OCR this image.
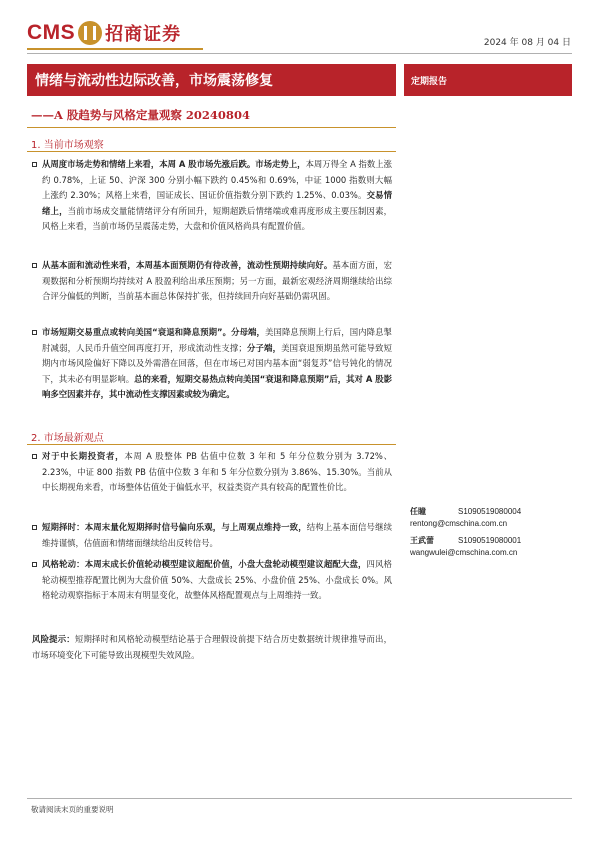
CMS 招商证券	2024 年 08 月 04 日
情绪与流动性边际改善，市场震荡修复
——A 股趋势与风格定量观察 20240804
定期报告
1. 当前市场观察
从周度市场走势和情绪上来看，本周 A 股市场先涨后跌。市场走势上，本周万得全 A 指数上涨约 0.78%，上证 50、沪深 300 分别小幅下跌约 0.45%和 0.69%，中证 1000 指数则大幅上涨约 2.30%；风格上来看，国证成长、国证价值指数分别下跌约 1.25%、0.03%。交易情绪上，当前市场成交量能情绪评分有所回升，短期超跌后情绪端或难再度形成主要压制因素，风格上来看，当前市场仍呈震荡走势，大盘和价值风格尚具有配置价值。
从基本面和流动性来看，本周基本面预期仍有待改善，流动性预期持续向好。基本面方面，宏观数据和分析预期均持续对 A 股盈利给出承压预期；另一方面，最新宏观经济周期继续给出综合评分偏低的判断，当前基本面总体保持扩张，但持续回升向好基础仍需巩固。
市场短期交易重点或转向美国“衰退和降息预期”。分母端，美国降息预期上行后，国内降息掣肘减弱，人民币升值空间再度打开，形成流动性支撑；分子端，美国衰退预期虽然可能导致短期内市场风险偏好下降以及外需潜在回落，但在市场已对国内基本面“弱复苏”信号钝化的情况下，其未必有明显影响。总的来看，短期交易热点转向美国“衰退和降息预期”后，其对 A 股影响多空因素并存，其中流动性支撑因素或较为确定。
2. 市场最新观点
对于中长期投资者，本周 A 股整体 PB 估值中位数 3 年和 5 年分位数分别为 3.72%、2.23%，中证 800 指数 PB 估值中位数 3 年和 5 年分位数分别为 3.86%、15.30%。当前从中长期视角来看，市场整体估值处于偏低水平，权益类资产具有较高的配置性价比。
短期择时：本周末量化短期择时信号偏向乐观，与上周观点维持一致，结构上基本面信号继续维持谨慎，估值面和情绪面继续给出反转信号。
风格轮动：本周末成长价值轮动模型建议超配价值，小盘大盘轮动模型建议超配大盘，四风格轮动模型推荐配置比例为大盘价值 50%、大盘成长 25%、小盘价值 25%、小盘成长 0%。风格轮动观察指标于本周末有明显变化，故整体风格配置观点与上周维持一致。
风险提示：短期择时和风格轮动模型结论基于合理假设前提下结合历史数据统计规律推导而出，市场环境变化下可能导致出现模型失效风险。
任瞳	S1090519080004
rentong@cmschina.com.cn
王武蕾	S1090519080001
wangwulei@cmschina.com.cn
敬请阅读末页的重要说明
